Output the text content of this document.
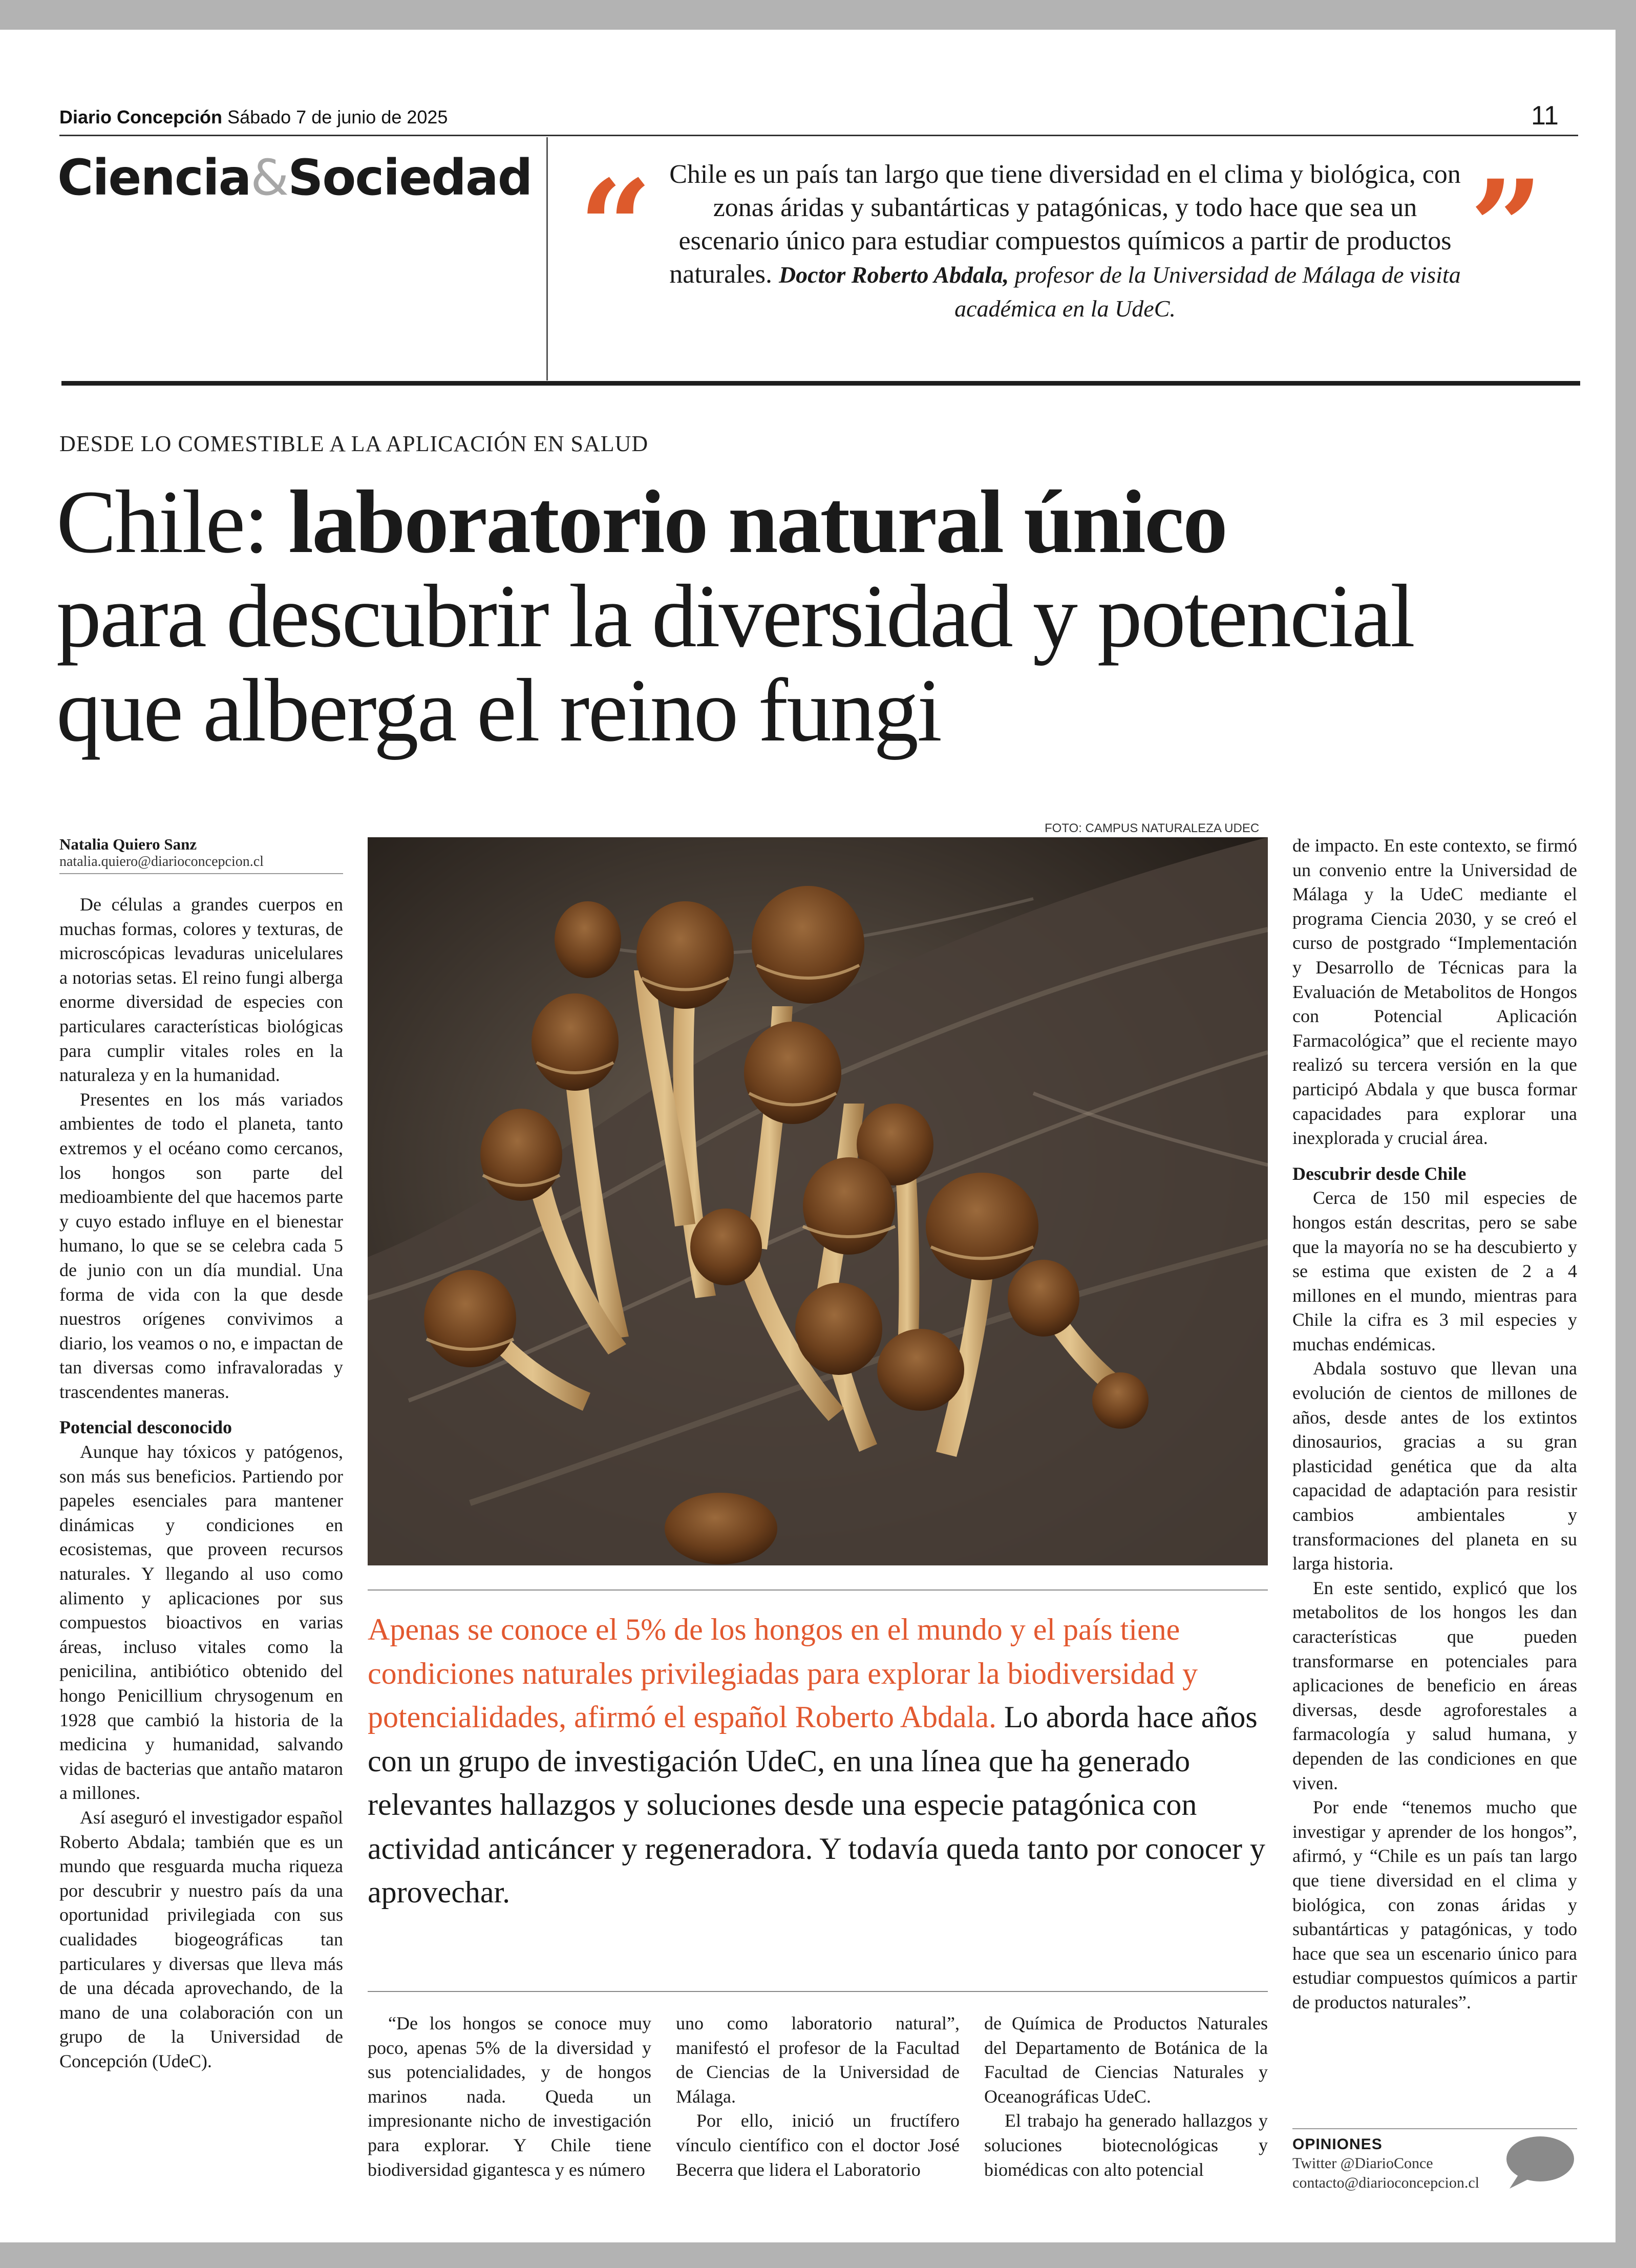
Diario Concepción Sábado 7 de junio de 2025	11
Ciencia&Sociedad “ Chile es un país tan largo que tiene diversidad en el clima y biológica, con zonas áridas y subantárticas y patagónicas, y todo hace que sea un escenario único para estudiar compuestos químicos a partir de productos naturales. Doctor Roberto Abdala, profesor de la Universidad de Málaga de visita académica en la UdeC.
”
DESDE LO COMESTIBLE A LA APLICACIÓN EN SALUD
Chile: laboratorio natural único
para descubrir la diversidad y potencial que alberga el reino fungi
Natalia Quiero Sanz
natalia.quiero@diarioconcepcion.cl

De células a grandes cuerpos en muchas formas, colores y texturas, de microscópicas levaduras unicelulares a notorias setas. El reino fungi alberga enorme diversidad de especies con particulares características biológicas para cumplir vitales roles en la naturaleza y en la humanidad.

Presentes en los más variados ambientes de todo el planeta, tanto extremos y el océano como cercanos, los hongos son parte del medioambiente del que hacemos parte y cuyo estado influye en el bienestar humano, lo que se se celebra cada 5 de junio con un día mundial. Una forma de vida con la que desde nuestros orígenes convivimos a diario, los veamos o no, e impactan de tan diversas como infravaloradas y trascendentes maneras.

Potencial desconocido

Aunque hay tóxicos y patógenos, son más sus beneficios. Partiendo por papeles esenciales para mantener dinámicas y condiciones en ecosistemas, que proveen recursos naturales. Y llegando al uso como alimento y aplicaciones por sus compuestos bioactivos en varias áreas, incluso vitales como la penicilina, antibiótico obtenido del hongo Penicillium chrysogenum en 1928 que cambió la historia de la medicina y humanidad, salvando vidas de bacterias que antaño mataron a millones.

Así aseguró el investigador español Roberto Abdala; también que es un mundo que resguarda mucha riqueza por descubrir y nuestro país da una oportunidad privilegiada con sus cualidades biogeográficas tan particulares y diversas que lleva más de una década aprovechando, de la mano de una colaboración con un grupo de la Universidad de Concepción (UdeC).

FOTO: CAMPUS NATURALEZA UDEC
Apenas se conoce el 5% de los hongos en el mundo y el país tiene condiciones naturales privilegiadas para explorar la biodiversidad y potencialidades, afirmó el español Roberto Abdala. Lo aborda hace años con un grupo de investigación UdeC, en una línea que ha generado relevantes hallazgos y soluciones desde una especie patagónica con actividad anticáncer y regeneradora. Y todavía queda tanto por conocer y aprovechar.

“De los hongos se conoce muy poco, apenas 5% de la diversidad y sus potencialidades, y de hongos marinos nada. Queda un impresionante nicho de investigación para explorar. Y Chile tiene biodiversidad gigantesca y es número

uno como laboratorio natural”, manifestó el profesor de la Facultad de Ciencias de la Universidad de Málaga.

Por ello, inició un fructífero vínculo científico con el doctor José Becerra que lidera el Laboratorio

de Química de Productos Naturales del Departamento de Botánica de la Facultad de Ciencias Naturales y Oceanográficas UdeC.

El trabajo ha generado hallazgos y soluciones biotecnológicas y biomédicas con alto potencial

de impacto. En este contexto, se firmó un convenio entre la Universidad de Málaga y la UdeC mediante el programa Ciencia 2030, y se creó el curso de postgrado “Implementación y Desarrollo de Técnicas para la Evaluación de Metabolitos de Hongos con Potencial Aplicación Farmacológica” que el reciente mayo realizó su tercera versión en la que participó Abdala y que busca formar capacidades para explorar una inexplorada y crucial área.

Descubrir desde Chile

Cerca de 150 mil especies de hongos están descritas, pero se sabe que la mayoría no se ha descubierto y se estima que existen de 2 a 4 millones en el mundo, mientras para Chile la cifra es 3 mil especies y muchas endémicas.

Abdala sostuvo que llevan una evolución de cientos de millones de años, desde antes de los extintos dinosaurios, gracias a su gran plasticidad genética que da alta capacidad de adaptación para resistir cambios ambientales y transformaciones del planeta en su larga historia.

En este sentido, explicó que los metabolitos de los hongos les dan características que pueden transformarse en potenciales para aplicaciones de beneficio en áreas diversas, desde agroforestales a farmacología y salud humana, y dependen de las condiciones en que viven.

Por ende “tenemos mucho que investigar y aprender de los hongos”, afirmó, y “Chile es un país tan largo que tiene diversidad en el clima y biológica, con zonas áridas y subantárticas y patagónicas, y todo hace que sea un escenario único para estudiar compuestos químicos a partir de productos naturales”.

OPINIONES
Twitter @DiarioConce
contacto@diarioconcepcion.cl
